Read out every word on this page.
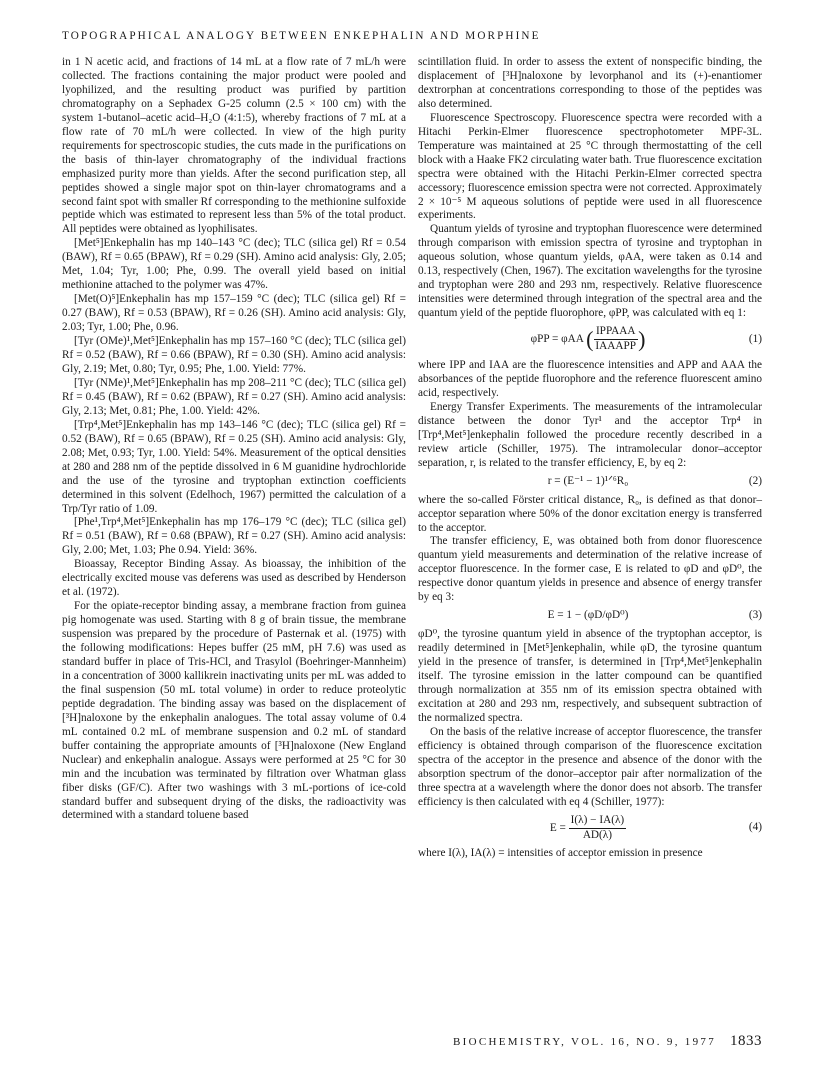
TOPOGRAPHICAL ANALOGY BETWEEN ENKEPHALIN AND MORPHINE

in 1 N acetic acid, and fractions of 14 mL at a flow rate of 7 mL/h were collected. The fractions containing the major product were pooled and lyophilized, and the resulting product was purified by partition chromatography on a Sephadex G-25 column (2.5 × 100 cm) with the system 1-butanol–acetic acid–H₂O (4:1:5), whereby fractions of 7 mL at a flow rate of 70 mL/h were collected. In view of the high purity requirements for spectroscopic studies, the cuts made in the purifications on the basis of thin-layer chromatography of the individual fractions emphasized purity more than yields. After the second purification step, all peptides showed a single major spot on thin-layer chromatograms and a second faint spot with smaller Rf corresponding to the methionine sulfoxide peptide which was estimated to represent less than 5% of the total product. All peptides were obtained as lyophilisates.

[Met⁵]Enkephalin has mp 140–143 °C (dec); TLC (silica gel) Rf = 0.54 (BAW), Rf = 0.65 (BPAW), Rf = 0.29 (SH). Amino acid analysis: Gly, 2.05; Met, 1.04; Tyr, 1.00; Phe, 0.99. The overall yield based on initial methionine attached to the polymer was 47%.

[Met(O)⁵]Enkephalin has mp 157–159 °C (dec); TLC (silica gel) Rf = 0.27 (BAW), Rf = 0.53 (BPAW), Rf = 0.26 (SH). Amino acid analysis: Gly, 2.03; Tyr, 1.00; Phe, 0.96.

[Tyr (OMe)¹,Met⁵]Enkephalin has mp 157–160 °C (dec); TLC (silica gel) Rf = 0.52 (BAW), Rf = 0.66 (BPAW), Rf = 0.30 (SH). Amino acid analysis: Gly, 2.19; Met, 0.80; Tyr, 0.95; Phe, 1.00. Yield: 77%.

[Tyr (NMe)¹,Met⁵]Enkephalin has mp 208–211 °C (dec); TLC (silica gel) Rf = 0.45 (BAW), Rf = 0.62 (BPAW), Rf = 0.27 (SH). Amino acid analysis: Gly, 2.13; Met, 0.81; Phe, 1.00. Yield: 42%.

[Trp⁴,Met⁵]Enkephalin has mp 143–146 °C (dec); TLC (silica gel) Rf = 0.52 (BAW), Rf = 0.65 (BPAW), Rf = 0.25 (SH). Amino acid analysis: Gly, 2.08; Met, 0.93; Tyr, 1.00. Yield: 54%. Measurement of the optical densities at 280 and 288 nm of the peptide dissolved in 6 M guanidine hydrochloride and the use of the tyrosine and tryptophan extinction coefficients determined in this solvent (Edelhoch, 1967) permitted the calculation of a Trp/Tyr ratio of 1.09.

[Phe¹,Trp⁴,Met⁵]Enkephalin has mp 176–179 °C (dec); TLC (silica gel) Rf = 0.51 (BAW), Rf = 0.68 (BPAW), Rf = 0.27 (SH). Amino acid analysis: Gly, 2.00; Met, 1.03; Phe 0.94. Yield: 36%.

Bioassay, Receptor Binding Assay. As bioassay, the inhibition of the electrically excited mouse vas deferens was used as described by Henderson et al. (1972).

For the opiate-receptor binding assay, a membrane fraction from guinea pig homogenate was used. Starting with 8 g of brain tissue, the membrane suspension was prepared by the procedure of Pasternak et al. (1975) with the following modifications: Hepes buffer (25 mM, pH 7.6) was used as standard buffer in place of Tris-HCl, and Trasylol (Boehringer-Mannheim) in a concentration of 3000 kallikrein inactivating units per mL was added to the final suspension (50 mL total volume) in order to reduce proteolytic peptide degradation. The binding assay was based on the displacement of [³H]naloxone by the enkephalin analogues. The total assay volume of 0.4 mL contained 0.2 mL of membrane suspension and 0.2 mL of standard buffer containing the appropriate amounts of [³H]naloxone (New England Nuclear) and enkephalin analogue. Assays were performed at 25 °C for 30 min and the incubation was terminated by filtration over Whatman glass fiber disks (GF/C). After two washings with 3 mL-portions of ice-cold standard buffer and subsequent drying of the disks, the radioactivity was determined with a standard toluene based

scintillation fluid. In order to assess the extent of nonspecific binding, the displacement of [³H]naloxone by levorphanol and its (+)-enantiomer dextrorphan at concentrations corresponding to those of the peptides was also determined.

Fluorescence Spectroscopy. Fluorescence spectra were recorded with a Hitachi Perkin-Elmer fluorescence spectrophotometer MPF-3L. Temperature was maintained at 25 °C through thermostatting of the cell block with a Haake FK2 circulating water bath. True fluorescence excitation spectra were obtained with the Hitachi Perkin-Elmer corrected spectra accessory; fluorescence emission spectra were not corrected. Approximately 2 × 10⁻⁵ M aqueous solutions of peptide were used in all fluorescence experiments.

Quantum yields of tyrosine and tryptophan fluorescence were determined through comparison with emission spectra of tyrosine and tryptophan in aqueous solution, whose quantum yields, φAA, were taken as 0.14 and 0.13, respectively (Chen, 1967). The excitation wavelengths for the tyrosine and tryptophan were 280 and 293 nm, respectively. Relative fluorescence intensities were determined through integration of the spectral area and the quantum yield of the peptide fluorophore, φPP, was calculated with eq 1:

φPP = φAA ( $\frac{\text{IPPAAA}}{\text{IAAAPP}}$ )	(1)

where IPP and IAA are the fluorescence intensities and APP and AAA the absorbances of the peptide fluorophore and the reference fluorescent amino acid, respectively.

Energy Transfer Experiments. The measurements of the intramolecular distance between the donor Tyr¹ and the acceptor Trp⁴ in [Trp⁴,Met⁵]enkephalin followed the procedure recently described in a review article (Schiller, 1975). The intramolecular donor–acceptor separation, r, is related to the transfer efficiency, E, by eq 2:

r = (E⁻¹ − 1)¹ᐟ⁶R₀	(2)

where the so-called Förster critical distance, R₀, is defined as that donor–acceptor separation where 50% of the donor excitation energy is transferred to the acceptor.

The transfer efficiency, E, was obtained both from donor fluorescence quantum yield measurements and determination of the relative increase of acceptor fluorescence. In the former case, E is related to φD and φD⁰, the respective donor quantum yields in presence and absence of energy transfer by eq 3:

E = 1 − (φD/φD⁰)	(3)

φD⁰, the tyrosine quantum yield in absence of the tryptophan acceptor, is readily determined in [Met⁵]enkephalin, while φD, the tyrosine quantum yield in the presence of transfer, is determined in [Trp⁴,Met⁵]enkephalin itself. The tyrosine emission in the latter compound can be quantified through normalization at 355 nm of its emission spectra obtained with excitation at 280 and 293 nm, respectively, and subsequent subtraction of the normalized spectra.

On the basis of the relative increase of acceptor fluorescence, the transfer efficiency is obtained through comparison of the fluorescence excitation spectra of the acceptor in the presence and absence of the donor with the absorption spectrum of the donor–acceptor pair after normalization of the three spectra at a wavelength where the donor does not absorb. The transfer efficiency is then calculated with eq 4 (Schiller, 1977):

$E = \frac{I(\lambda) - IA(\lambda)}{AD(\lambda)}$	(4)

where I(λ), IA(λ) = intensities of acceptor emission in presence

BIOCHEMISTRY, VOL. 16, NO. 9, 1977 1833
